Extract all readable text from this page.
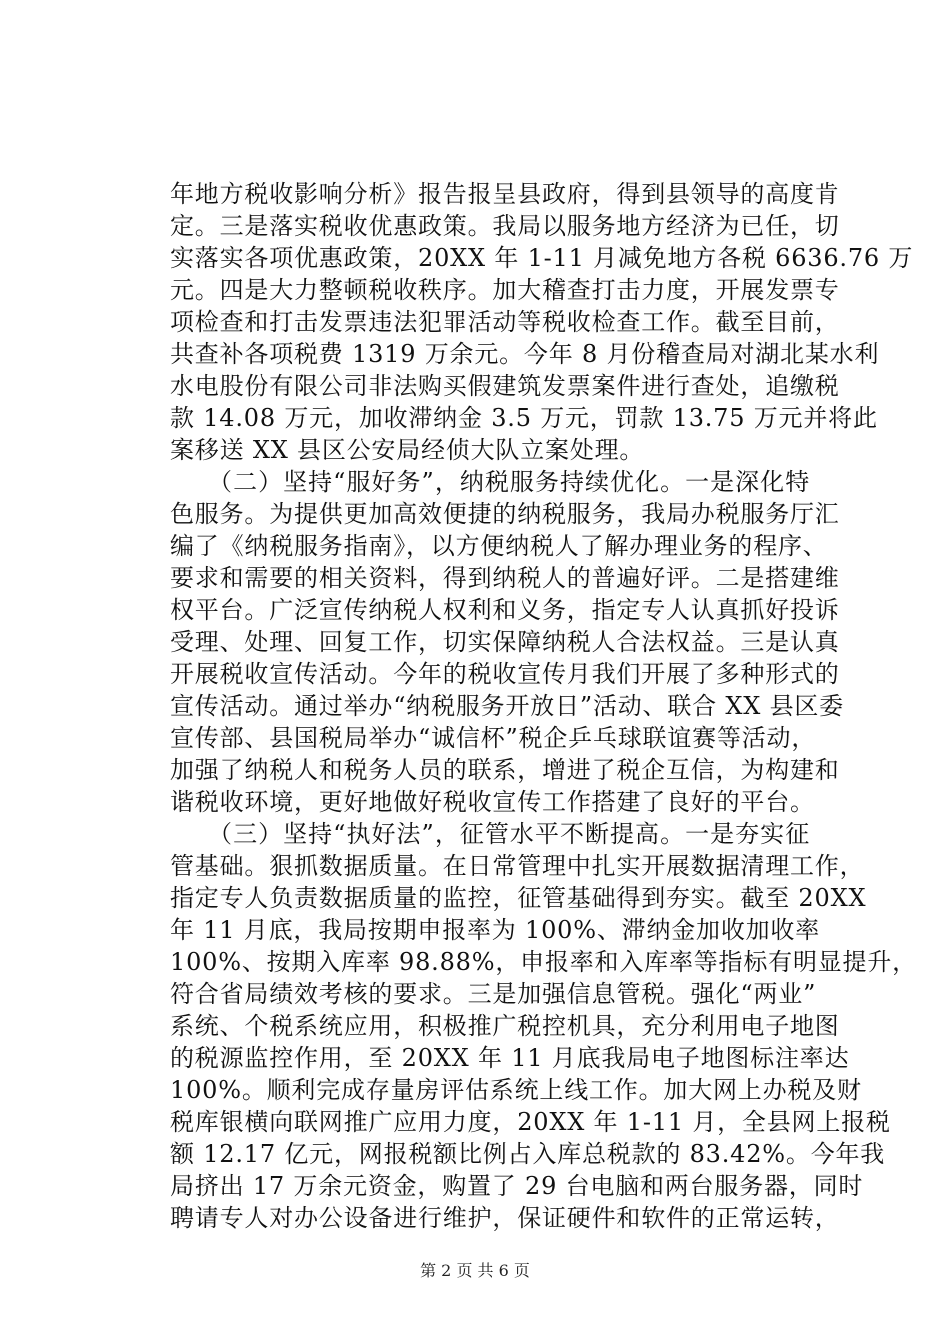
年地方税收影响分析》报告报呈县政府，得到县领导的高度肯
定。三是落实税收优惠政策。我局以服务地方经济为已任，切
实落实各项优惠政策，20XX 年 1-11 月减免地方各税 6636.76 万
元。四是大力整顿税收秩序。加大稽查打击力度，开展发票专
项检查和打击发票违法犯罪活动等税收检查工作。截至目前，
共查补各项税费 1319 万余元。今年 8 月份稽查局对湖北某水利
水电股份有限公司非法购买假建筑发票案件进行查处，追缴税
款 14.08 万元，加收滞纳金 3.5 万元，罚款 13.75 万元并将此
案移送 XX 县区公安局经侦大队立案处理。
　　（二）坚持“服好务”，纳税服务持续优化。一是深化特
色服务。为提供更加高效便捷的纳税服务，我局办税服务厅汇
编了《纳税服务指南》，以方便纳税人了解办理业务的程序、
要求和需要的相关资料，得到纳税人的普遍好评。二是搭建维
权平台。广泛宣传纳税人权利和义务，指定专人认真抓好投诉
受理、处理、回复工作，切实保障纳税人合法权益。三是认真
开展税收宣传活动。今年的税收宣传月我们开展了多种形式的
宣传活动。通过举办“纳税服务开放日”活动、联合 XX 县区委
宣传部、县国税局举办“诚信杯”税企乒乓球联谊赛等活动，
加强了纳税人和税务人员的联系，增进了税企互信，为构建和
谐税收环境，更好地做好税收宣传工作搭建了良好的平台。
　　（三）坚持“执好法”，征管水平不断提高。一是夯实征
管基础。狠抓数据质量。在日常管理中扎实开展数据清理工作，
指定专人负责数据质量的监控，征管基础得到夯实。截至 20XX
年 11 月底，我局按期申报率为 100%、滞纳金加收加收率
100%、按期入库率 98.88%，申报率和入库率等指标有明显提升，
符合省局绩效考核的要求。三是加强信息管税。强化“两业”
系统、个税系统应用，积极推广税控机具，充分利用电子地图
的税源监控作用，至 20XX 年 11 月底我局电子地图标注率达
100%。顺利完成存量房评估系统上线工作。加大网上办税及财
税库银横向联网推广应用力度，20XX 年 1-11 月，全县网上报税
额 12.17 亿元，网报税额比例占入库总税款的 83.42%。今年我
局挤出 17 万余元资金，购置了 29 台电脑和两台服务器，同时
聘请专人对办公设备进行维护，保证硬件和软件的正常运转，
第 2 页 共 6 页
